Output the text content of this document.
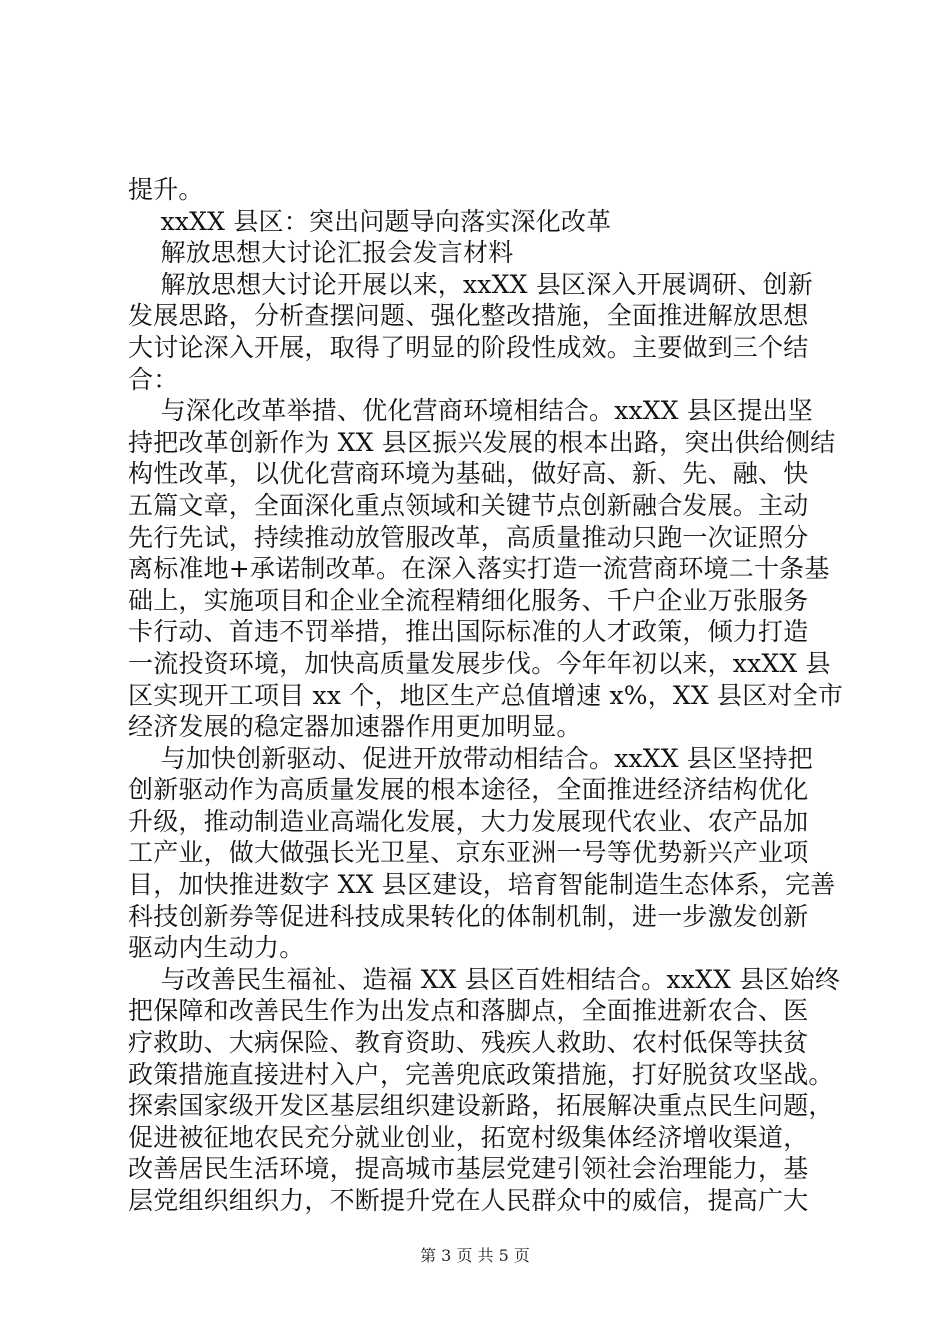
提升。
xxXX 县区：突出问题导向落实深化改革
解放思想大讨论汇报会发言材料
解放思想大讨论开展以来，xxXX 县区深入开展调研、创新
发展思路，分析查摆问题、强化整改措施，全面推进解放思想
大讨论深入开展，取得了明显的阶段性成效。主要做到三个结
合：
与深化改革举措、优化营商环境相结合。xxXX 县区提出坚
持把改革创新作为 XX 县区振兴发展的根本出路，突出供给侧结
构性改革，以优化营商环境为基础，做好高、新、先、融、快
五篇文章，全面深化重点领域和关键节点创新融合发展。主动
先行先试，持续推动放管服改革，高质量推动只跑一次证照分
离标准地+承诺制改革。在深入落实打造一流营商环境二十条基
础上，实施项目和企业全流程精细化服务、千户企业万张服务
卡行动、首违不罚举措，推出国际标准的人才政策，倾力打造
一流投资环境，加快高质量发展步伐。今年年初以来，xxXX 县
区实现开工项目 xx 个，地区生产总值增速 x%，XX 县区对全市
经济发展的稳定器加速器作用更加明显。
与加快创新驱动、促进开放带动相结合。xxXX 县区坚持把
创新驱动作为高质量发展的根本途径，全面推进经济结构优化
升级，推动制造业高端化发展，大力发展现代农业、农产品加
工产业，做大做强长光卫星、京东亚洲一号等优势新兴产业项
目，加快推进数字 XX 县区建设，培育智能制造生态体系，完善
科技创新券等促进科技成果转化的体制机制，进一步激发创新
驱动内生动力。
与改善民生福祉、造福 XX 县区百姓相结合。xxXX 县区始终
把保障和改善民生作为出发点和落脚点，全面推进新农合、医
疗救助、大病保险、教育资助、残疾人救助、农村低保等扶贫
政策措施直接进村入户，完善兜底政策措施，打好脱贫攻坚战。
探索国家级开发区基层组织建设新路，拓展解决重点民生问题，
促进被征地农民充分就业创业，拓宽村级集体经济增收渠道，
改善居民生活环境，提高城市基层党建引领社会治理能力，基
层党组织组织力，不断提升党在人民群众中的威信，提高广大
第 3 页 共 5 页
